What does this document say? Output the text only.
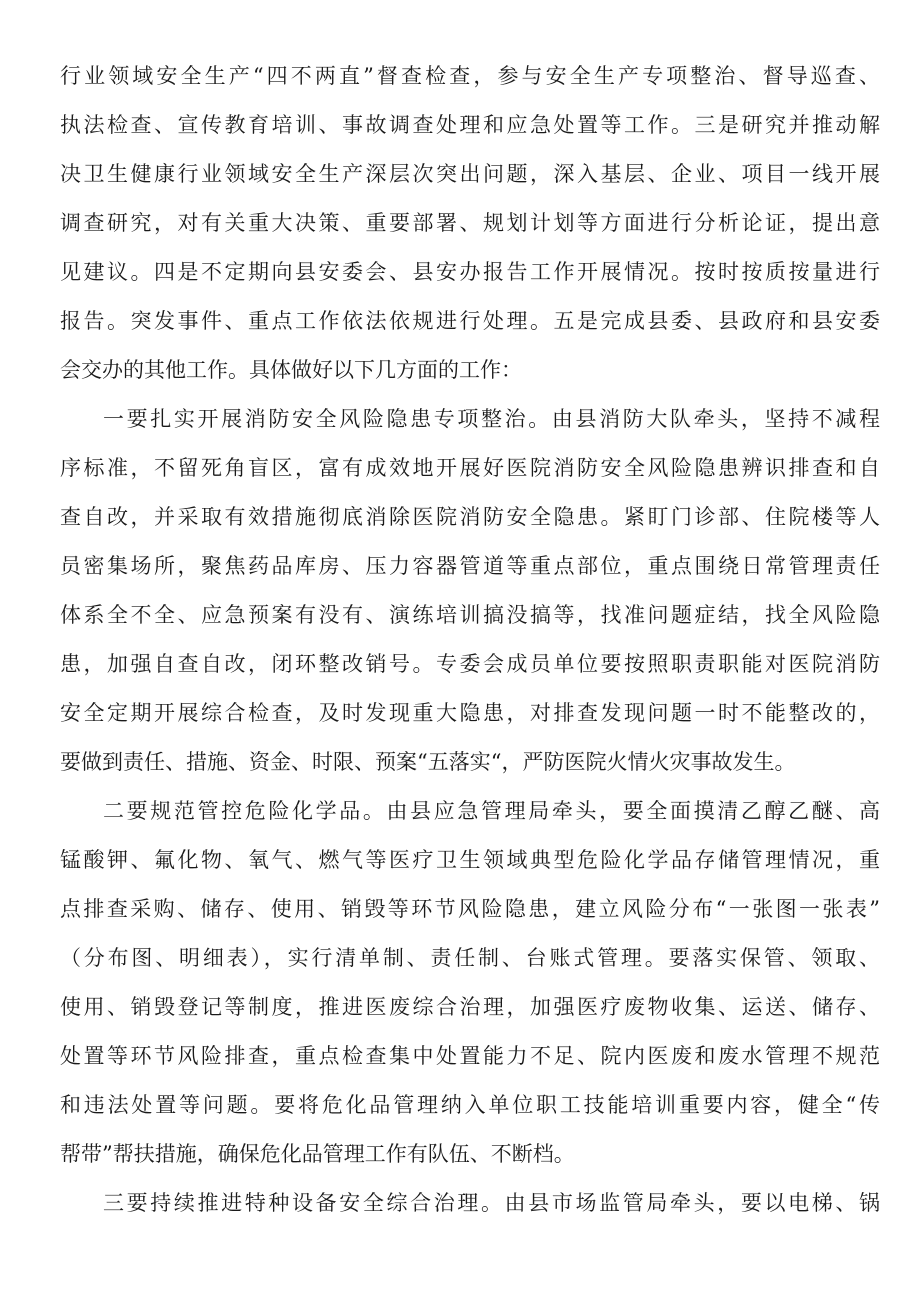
行业领域安全生产“四不两直”督查检查，参与安全生产专项整治、督导巡查、

执法检查、宣传教育培训、事故调查处理和应急处置等工作。三是研究并推动解

决卫生健康行业领域安全生产深层次突出问题，深入基层、企业、项目一线开展

调查研究，对有关重大决策、重要部署、规划计划等方面进行分析论证，提出意

见建议。四是不定期向县安委会、县安办报告工作开展情况。按时按质按量进行

报告。突发事件、重点工作依法依规进行处理。五是完成县委、县政府和县安委

会交办的其他工作。具体做好以下几方面的工作：

一要扎实开展消防安全风险隐患专项整治。由县消防大队牵头，坚持不减程

序标准，不留死角盲区，富有成效地开展好医院消防安全风险隐患辨识排查和自

查自改，并采取有效措施彻底消除医院消防安全隐患。紧盯门诊部、住院楼等人

员密集场所，聚焦药品库房、压力容器管道等重点部位，重点围绕日常管理责任

体系全不全、应急预案有没有、演练培训搞没搞等，找准问题症结，找全风险隐

患，加强自查自改，闭环整改销号。专委会成员单位要按照职责职能对医院消防

安全定期开展综合检查，及时发现重大隐患，对排查发现问题一时不能整改的，

要做到责任、措施、资金、时限、预案“五落实“，严防医院火情火灾事故发生。

二要规范管控危险化学品。由县应急管理局牵头，要全面摸清乙醇乙醚、高

锰酸钾、氟化物、氧气、燃气等医疗卫生领域典型危险化学品存储管理情况，重

点排查采购、储存、使用、销毁等环节风险隐患，建立风险分布“一张图一张表”

（分布图、明细表），实行清单制、责任制、台账式管理。要落实保管、领取、

使用、销毁登记等制度，推进医废综合治理，加强医疗废物收集、运送、储存、

处置等环节风险排查，重点检查集中处置能力不足、院内医废和废水管理不规范

和违法处置等问题。要将危化品管理纳入单位职工技能培训重要内容，健全“传

帮带”帮扶措施，确保危化品管理工作有队伍、不断档。

三要持续推进特种设备安全综合治理。由县市场监管局牵头，要以电梯、锅
